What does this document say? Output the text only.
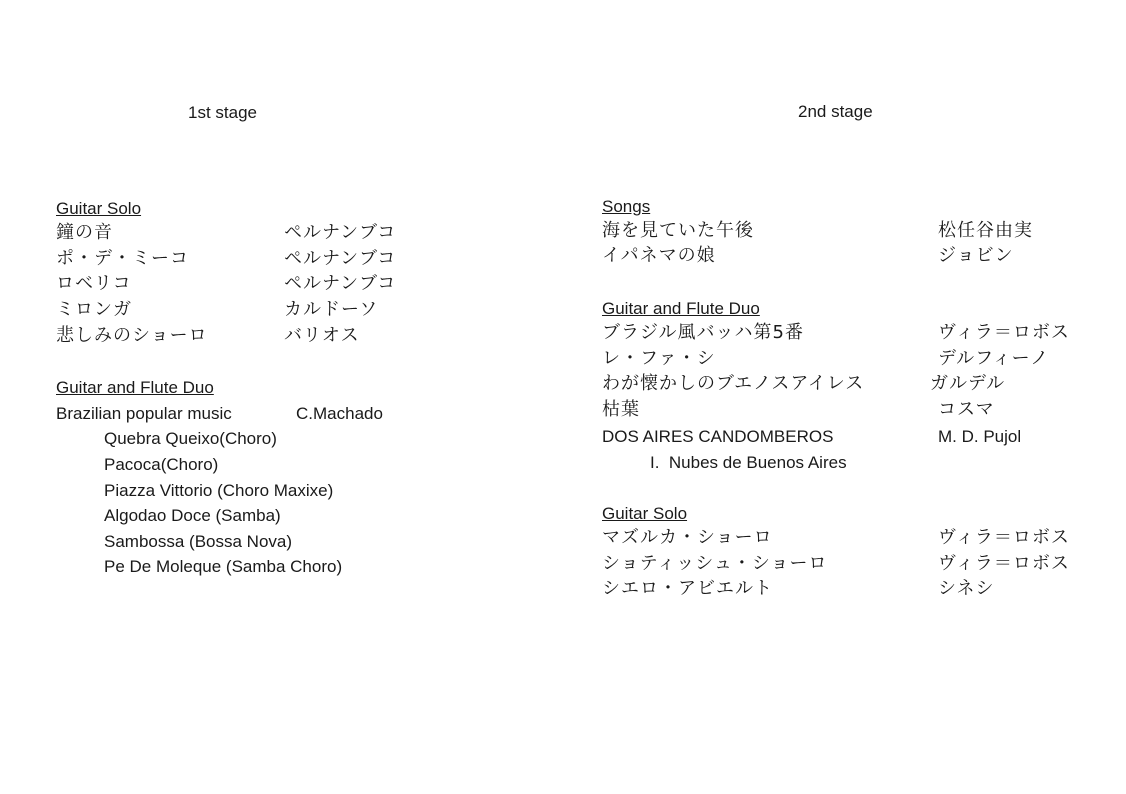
1st stage
Guitar Solo
鐘の音	ペルナンブコ
ポ・デ・ミーコ	ペルナンブコ
ロベリコ	ペルナンブコ
ミロンガ	カルドーソ
悲しみのショーロ	バリオス
Guitar and Flute Duo
Brazilian popular music	C.Machado
Quebra Queixo(Choro)
Pacoca(Choro)
Piazza Vittorio (Choro Maxixe)
Algodao Doce (Samba)
Sambossa (Bossa Nova)
Pe De Moleque (Samba Choro)
2nd stage
Songs
海を見ていた午後	松任谷由実
イパネマの娘	ジョビン
Guitar and Flute Duo
ブラジル風バッハ第5番	ヴィラ＝ロボス
レ・ファ・シ	デルフィーノ
わが懐かしのブエノスアイレス	ガルデル
枯葉	コスマ
DOS AIRES CANDOMBEROS	M. D. Pujol
I.  Nubes de Buenos Aires
Guitar Solo
マズルカ・ショーロ	ヴィラ＝ロボス
ショティッシュ・ショーロ	ヴィラ＝ロボス
シエロ・アビエルト	シネシ
